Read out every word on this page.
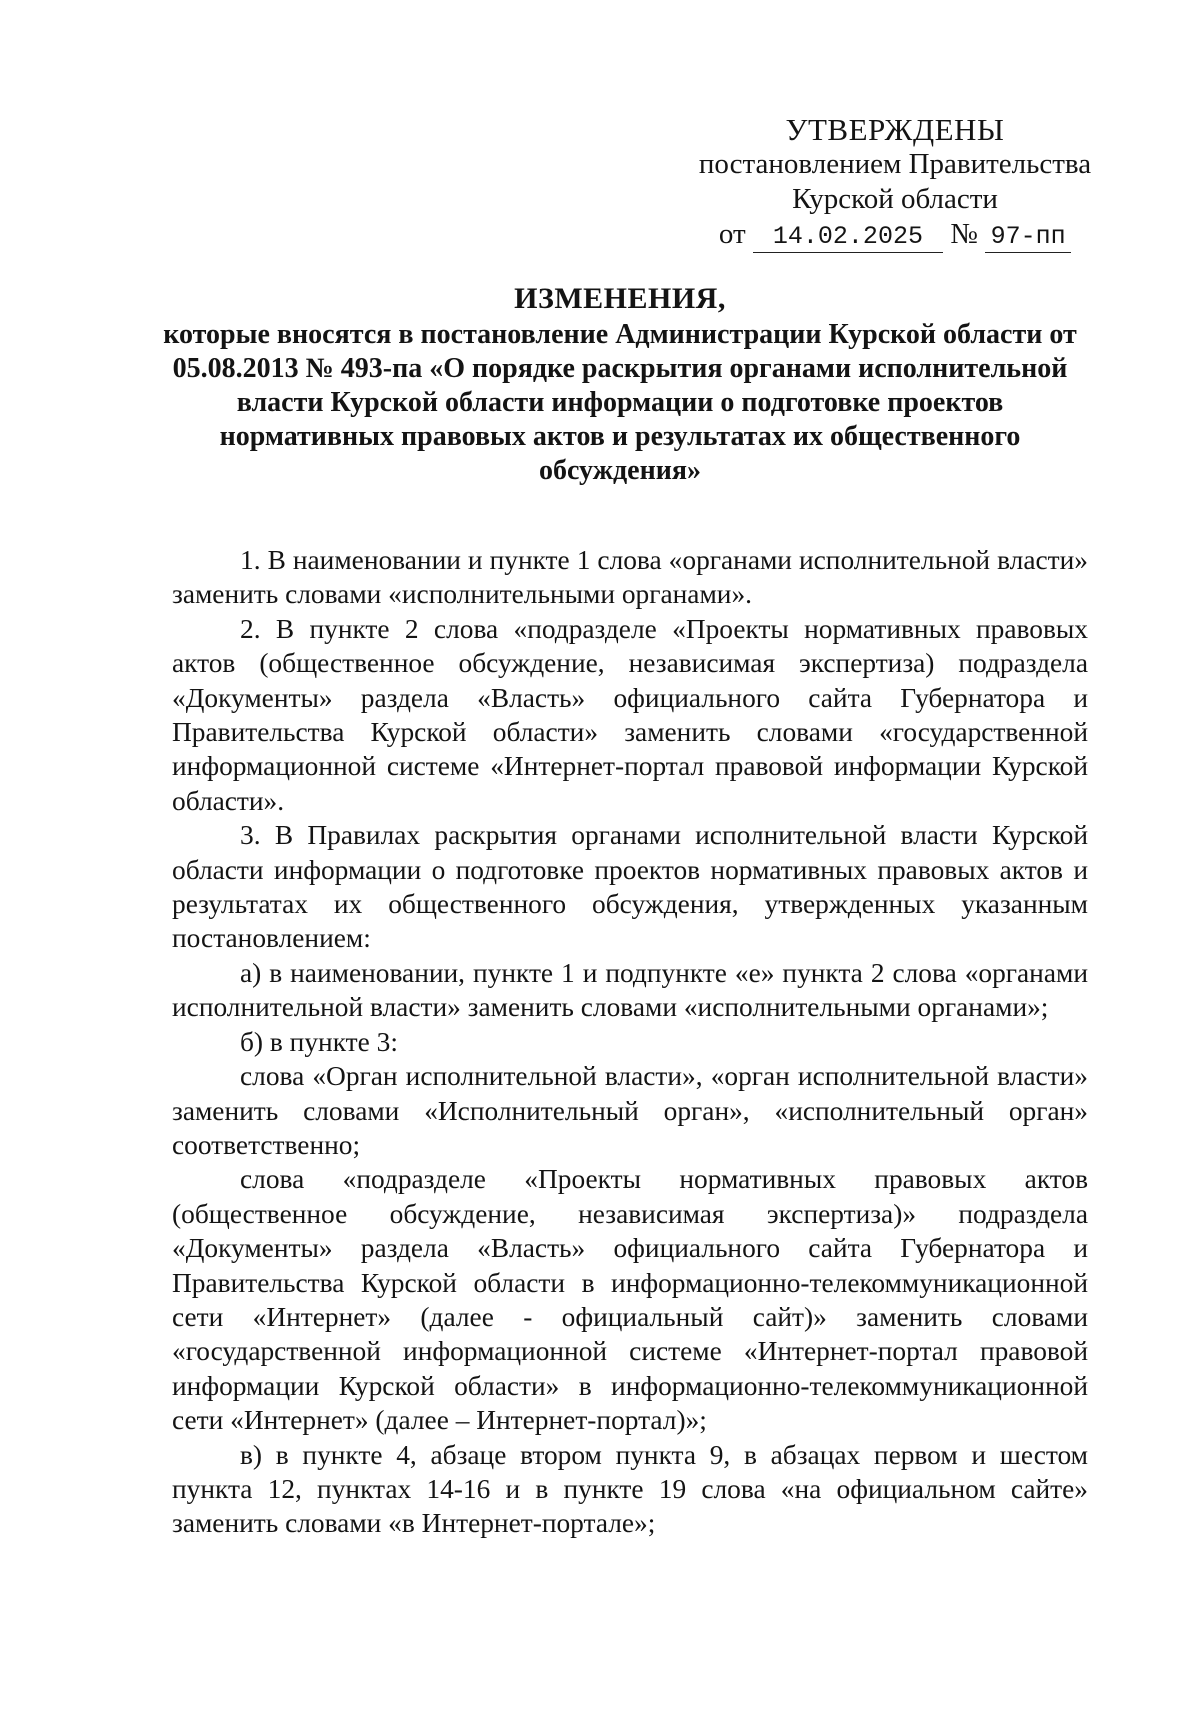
УТВЕРЖДЕНЫ
постановлением Правительства
Курской области
от 14.02.2025 № 97-пп
ИЗМЕНЕНИЯ,
которые вносятся в постановление Администрации Курской области от 05.08.2013 № 493-па «О порядке раскрытия органами исполнительной власти Курской области информации о подготовке проектов нормативных правовых актов и результатах их общественного обсуждения»

1. В наименовании и пункте 1 слова «органами исполнительной власти» заменить словами «исполнительными органами».

2. В пункте 2 слова «подразделе «Проекты нормативных правовых актов (общественное обсуждение, независимая экспертиза) подраздела «Документы» раздела «Власть» официального сайта Губернатора и Правительства Курской области» заменить словами «государственной информационной системе «Интернет-портал правовой информации Курской области».

3. В Правилах раскрытия органами исполнительной власти Курской области информации о подготовке проектов нормативных правовых актов и результатах их общественного обсуждения, утвержденных указанным постановлением:

а) в наименовании, пункте 1 и подпункте «е» пункта 2 слова «органами исполнительной власти» заменить словами «исполнительными органами»;

б) в пункте 3:

слова «Орган исполнительной власти», «орган исполнительной власти» заменить словами «Исполнительный орган», «исполнительный орган» соответственно;

слова «подразделе «Проекты нормативных правовых актов (общественное обсуждение, независимая экспертиза)» подраздела «Документы» раздела «Власть» официального сайта Губернатора и Правительства Курской области в информационно-телекоммуникационной сети «Интернет» (далее - официальный сайт)» заменить словами «государственной информационной системе «Интернет-портал правовой информации Курской области» в информационно-телекоммуникационной сети «Интернет» (далее – Интернет-портал)»;

в) в пункте 4, абзаце втором пункта 9, в абзацах первом и шестом пункта 12, пунктах 14-16 и в пункте 19 слова «на официальном сайте» заменить словами «в Интернет-портале»;
